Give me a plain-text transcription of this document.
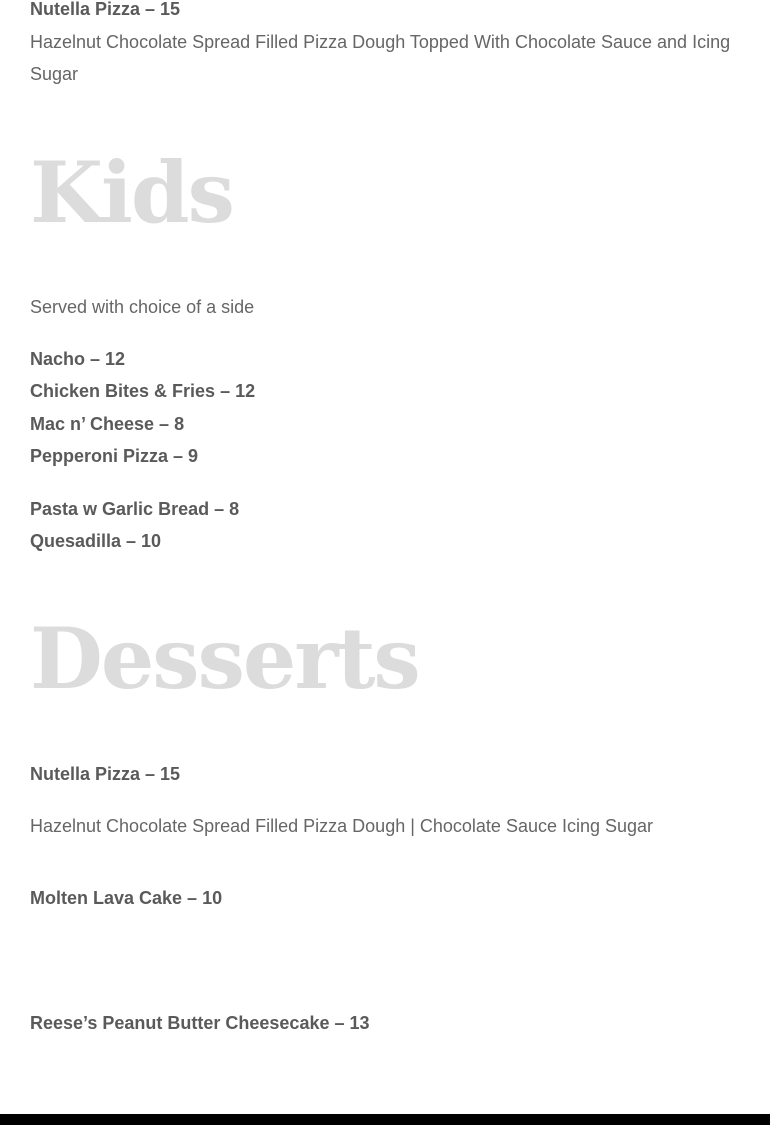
Nutella Pizza – 15
Hazelnut Chocolate Spread Filled Pizza Dough Topped With Chocolate Sauce and Icing
Sugar
Kids
Served with choice of a side
Nacho – 12
Chicken Bites & Fries – 12
Mac n’ Cheese – 8
Pepperoni Pizza – 9
Pasta w Garlic Bread – 8
Quesadilla – 10
Desserts
Nutella Pizza – 15
Hazelnut Chocolate Spread Filled Pizza Dough | Chocolate Sauce Icing Sugar
Molten Lava Cake – 10
Reese’s Peanut Butter Cheesecake – 13
